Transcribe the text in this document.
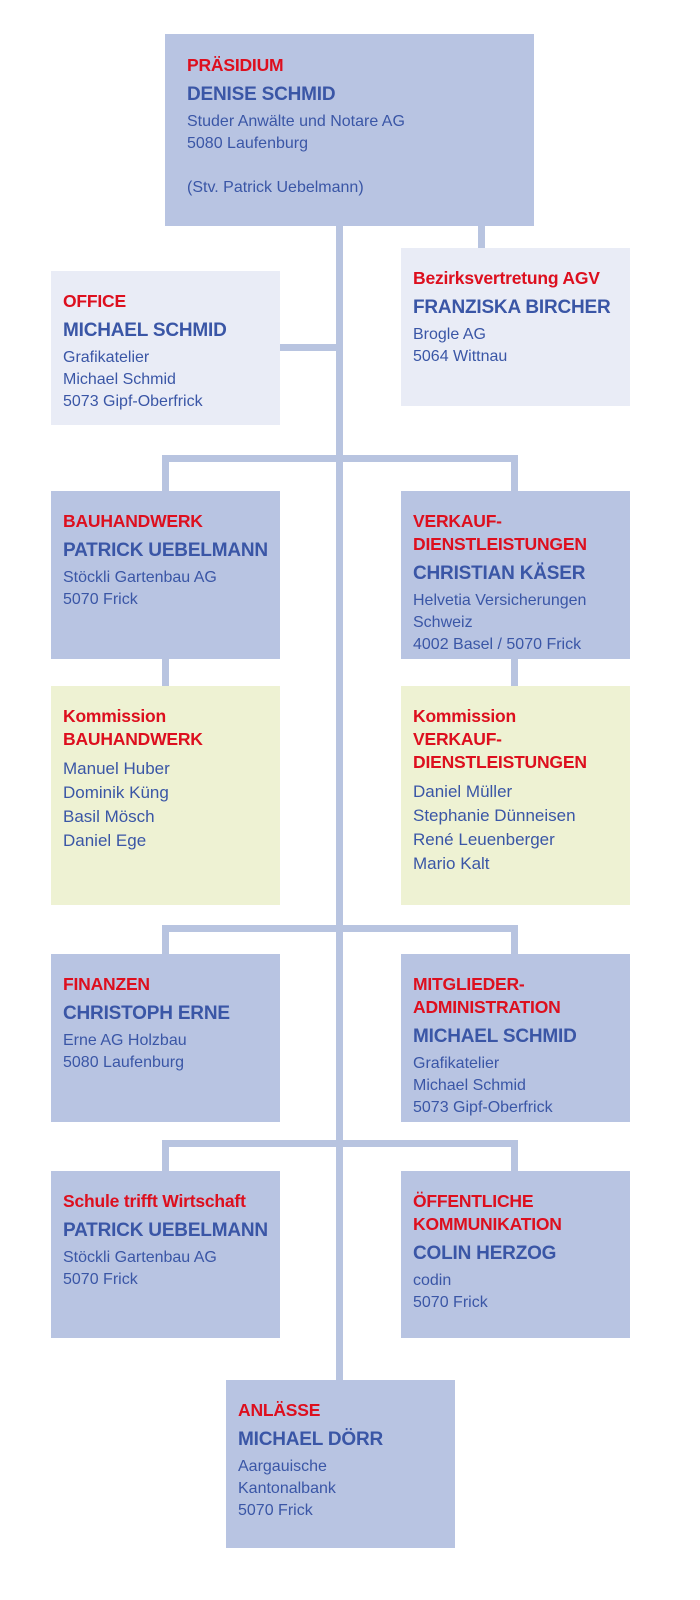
PRÄSIDIUM
DENISE SCHMID
Studer Anwälte und Notare AG
5080 Laufenburg

(Stv. Patrick Uebelmann)
Bezirksvertretung AGV
FRANZISKA BIRCHER
Brogle AG
5064 Wittnau
OFFICE
MICHAEL SCHMID
Grafikatelier
Michael Schmid
5073 Gipf-Oberfrick
BAUHANDWERK
PATRICK UEBELMANN
Stöckli Gartenbau AG
5070 Frick
VERKAUF-
DIENSTLEISTUNGEN
CHRISTIAN KÄSER
Helvetia Versicherungen
Schweiz
4002 Basel / 5070 Frick
Kommission
BAUHANDWERK
Manuel Huber
Dominik Küng
Basil Mösch
Daniel Ege
Kommission
VERKAUF-
DIENSTLEISTUNGEN
Daniel Müller
Stephanie Dünneisen
René Leuenberger
Mario Kalt
FINANZEN
CHRISTOPH ERNE
Erne AG Holzbau
5080 Laufenburg
MITGLIEDER-
ADMINISTRATION
MICHAEL SCHMID
Grafikatelier
Michael Schmid
5073 Gipf-Oberfrick
Schule trifft Wirtschaft
PATRICK UEBELMANN
Stöckli Gartenbau AG
5070 Frick
ÖFFENTLICHE
KOMMUNIKATION
COLIN HERZOG
codin
5070 Frick
ANLÄSSE
MICHAEL DÖRR
Aargauische
Kantonalbank
5070 Frick
